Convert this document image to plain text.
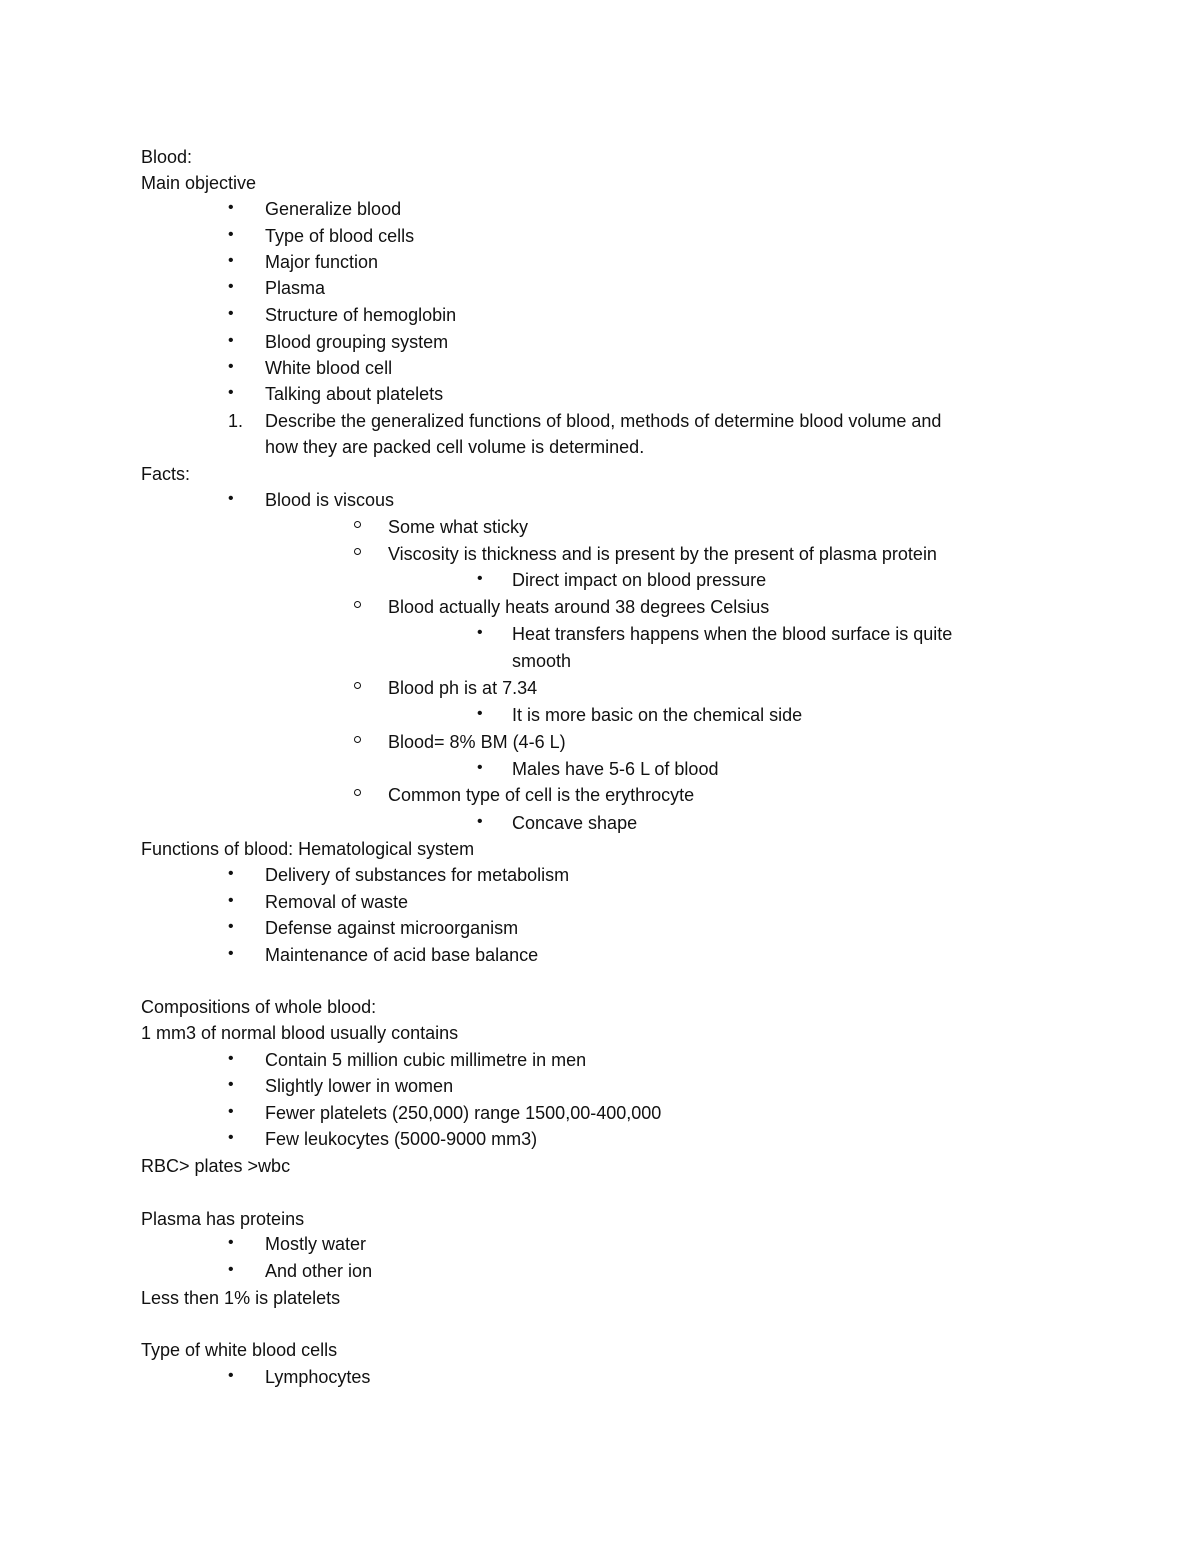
Blood:
Main objective
• Generalize blood
• Type of blood cells
• Major function
• Plasma
• Structure of hemoglobin
• Blood grouping system
• White blood cell
• Talking about platelets
1. Describe the generalized functions of blood, methods of determine blood volume and
how they are packed cell volume is determined.
Facts:
• Blood is viscous
Some what sticky
Viscosity is thickness and is present by the present of plasma protein
• Direct impact on blood pressure
Blood actually heats around 38 degrees Celsius
• Heat transfers happens when the blood surface is quite
smooth
Blood ph is at 7.34
• It is more basic on the chemical side
Blood= 8% BM (4-6 L)
• Males have 5-6 L of blood
Common type of cell is the erythrocyte
• Concave shape
Functions of blood: Hematological system
• Delivery of substances for metabolism
• Removal of waste
• Defense against microorganism
• Maintenance of acid base balance
Compositions of whole blood:
1 mm3 of normal blood usually contains
• Contain 5 million cubic millimetre in men
• Slightly lower in women
• Fewer platelets (250,000) range 1500,00-400,000
• Few leukocytes (5000-9000 mm3)
RBC> plates >wbc
Plasma has proteins
• Mostly water
• And other ion
Less then 1% is platelets
Type of white blood cells
• Lymphocytes
